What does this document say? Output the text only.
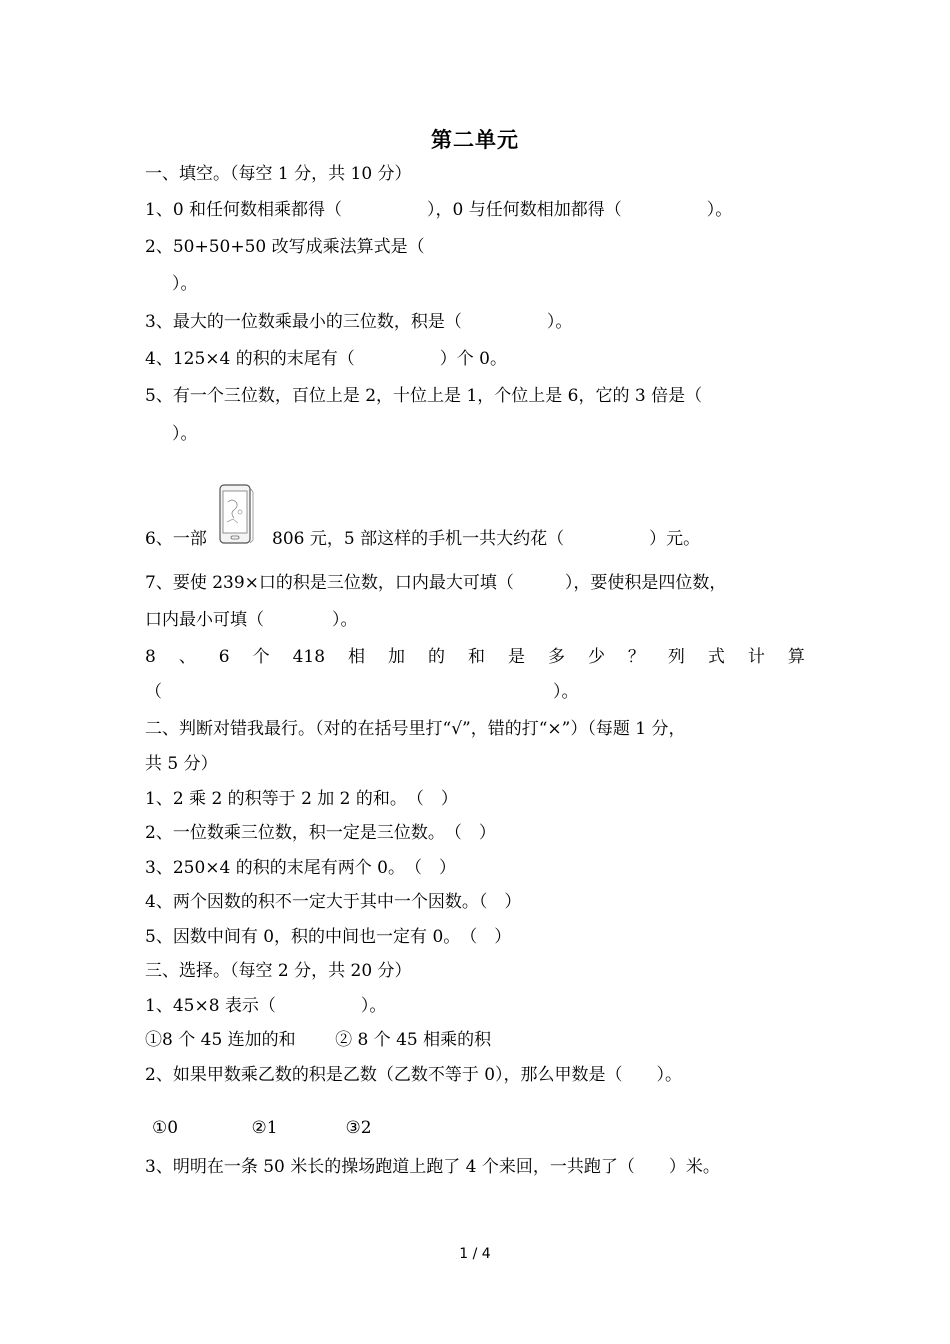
第二单元
一、填空。（每空 1 分，共 10 分）
1、0 和任何数相乘都得（　　　　　），0 与任何数相加都得（　　　　　）。
2、50+50+50 改写成乘法算式是（
）。
3、最大的一位数乘最小的三位数，积是（　　　　　）。
4、125×4 的积的末尾有（　　　　　）个 0。
5、有一个三位数，百位上是 2，十位上是 1，个位上是 6，它的 3 倍是（
）。
6、一部	806 元，5 部这样的手机一共大约花（　　　　　）元。
7、要使 239×口的积是三位数，口内最大可填（　　　），要使积是四位数，
口内最小可填（　　　　）。
8 、 6 个 418 相 加 的 和 是 多 少 ？ 列 式 计 算
（　　　　　　　　　　　　　　　　　　　　　　　）。
二、判断对错我最行。（对的在括号里打“√”，错的打“×”）（每题 1 分，
共 5 分）
1、2 乘 2 的积等于 2 加 2 的和。　（　）
2、一位数乘三位数，积一定是三位数。　（　）
3、250×4 的积的末尾有两个 0。　（　）
4、两个因数的积不一定大于其中一个因数。（　）
5、因数中间有 0，积的中间也一定有 0。　（　）
三、选择。（每空 2 分，共 20 分）
1、45×8 表示（　　　　　）。
①8 个 45 连加的和　　 ② 8 个 45 相乘的积
2、如果甲数乘乙数的积是乙数（乙数不等于 0），那么甲数是（　　）。
①0　　　　 ②1　　　　③2
3、明明在一条 50 米长的操场跑道上跑了 4 个来回，一共跑了（　　）米。
1 / 4
